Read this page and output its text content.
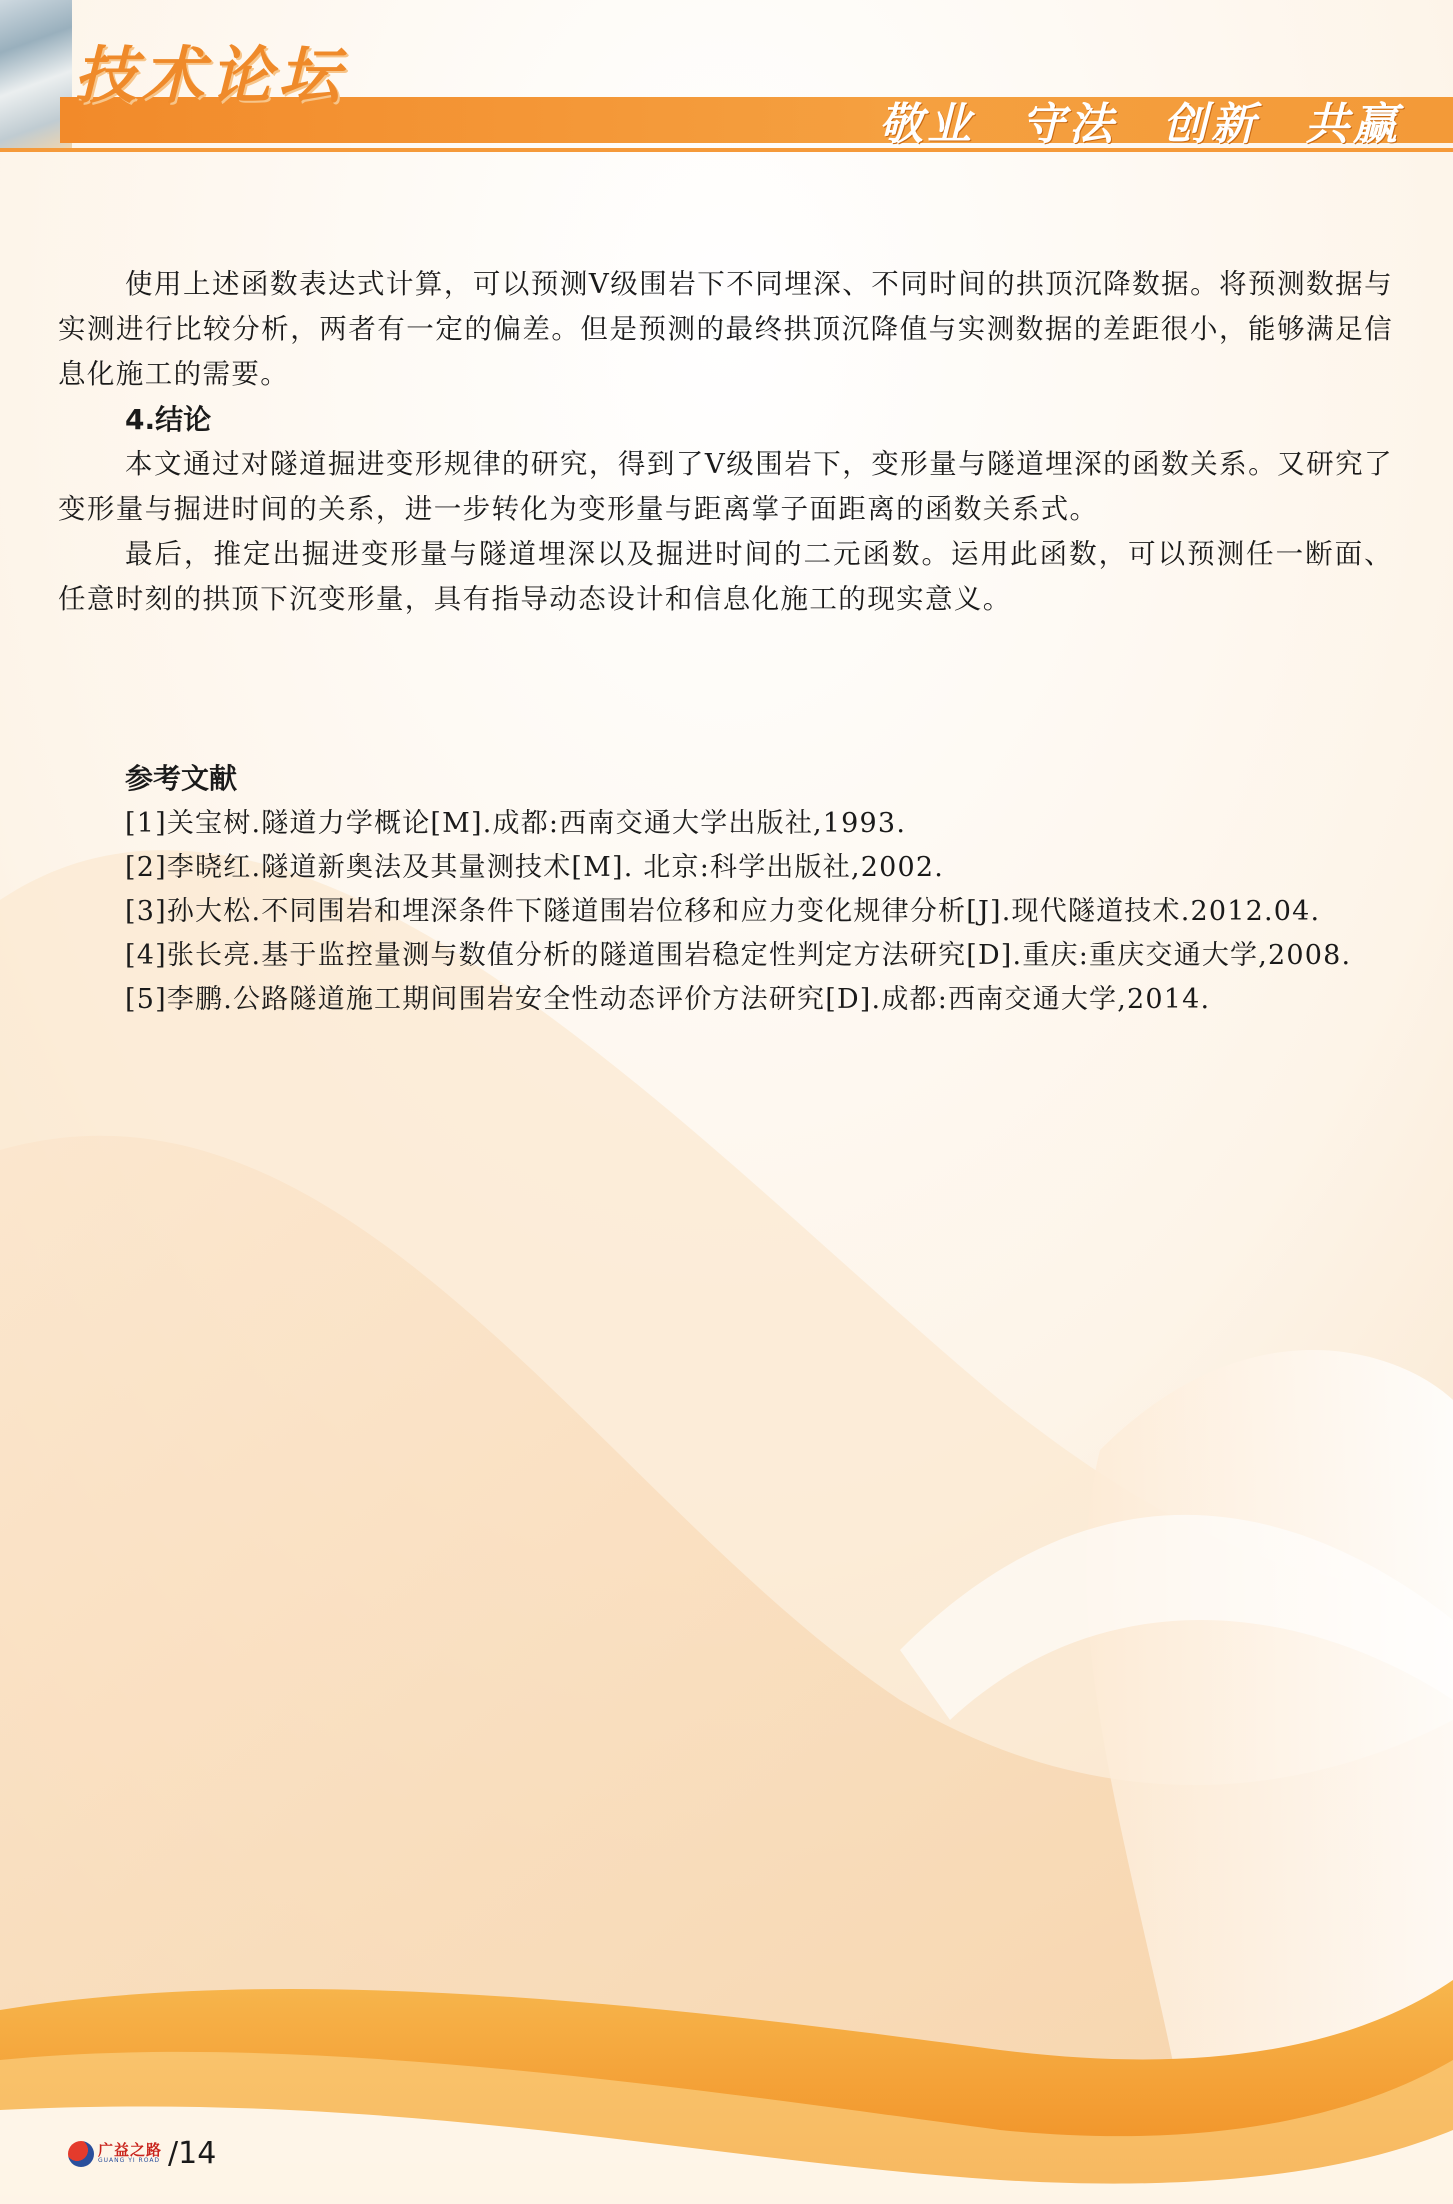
技术论坛
敬业 守法 创新 共赢

使用上述函数表达式计算，可以预测V级围岩下不同埋深、不同时间的拱顶沉降数据。将预测数据与实测进行比较分析，两者有一定的偏差。但是预测的最终拱顶沉降值与实测数据的差距很小，能够满足信息化施工的需要。

4.结论

本文通过对隧道掘进变形规律的研究，得到了V级围岩下，变形量与隧道埋深的函数关系。又研究了变形量与掘进时间的关系，进一步转化为变形量与距离掌子面距离的函数关系式。

最后，推定出掘进变形量与隧道埋深以及掘进时间的二元函数。运用此函数，可以预测任一断面、任意时刻的拱顶下沉变形量，具有指导动态设计和信息化施工的现实意义。

参考文献

[1]关宝树.隧道力学概论[M].成都:西南交通大学出版社,1993.

[2]李晓红.隧道新奥法及其量测技术[M]. 北京:科学出版社,2002.

[3]孙大松.不同围岩和埋深条件下隧道围岩位移和应力变化规律分析[J].现代隧道技术.2012.04.

[4]张长亮.基于监控量测与数值分析的隧道围岩稳定性判定方法研究[D].重庆:重庆交通大学,2008.

[5]李鹏.公路隧道施工期间围岩安全性动态评价方法研究[D].成都:西南交通大学,2014.

广益之路
GUANG YI ROAD /14
